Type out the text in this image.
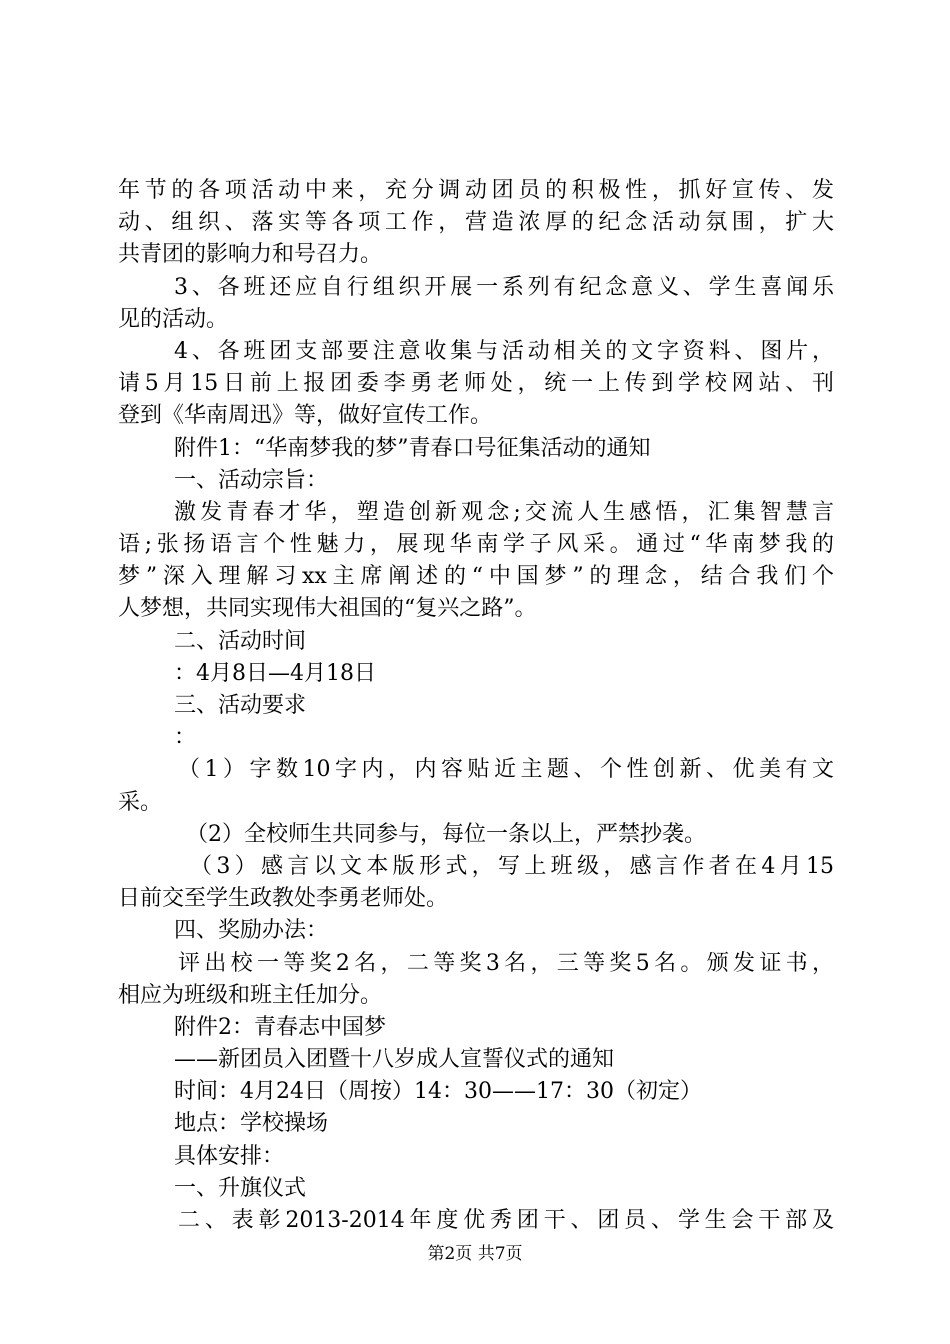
年节的各项活动中来，充分调动团员的积极性，抓好宣传、发
动、组织、落实等各项工作，营造浓厚的纪念活动氛围，扩大
共青团的影响力和号召力。
3、各班还应自行组织开展一系列有纪念意义、学生喜闻乐
见的活动。
4、各班团支部要注意收集与活动相关的文字资料、图片，
请5月15日前上报团委李勇老师处，统一上传到学校网站、刊
登到《华南周迅》等，做好宣传工作。
附件1：“华南梦我的梦”青春口号征集活动的通知
一、活动宗旨：
激发青春才华，塑造创新观念;交流人生感悟，汇集智慧言
语;张扬语言个性魅力，展现华南学子风采。通过“华南梦我的
梦”深入理解习xx主席阐述的“中国梦”的理念，结合我们个
人梦想，共同实现伟大祖国的“复兴之路”。
二、活动时间
：4月8日—4月18日
三、活动要求
：
（1）字数10字内，内容贴近主题、个性创新、优美有文
采。
（2）全校师生共同参与，每位一条以上，严禁抄袭。
（3）感言以文本版形式，写上班级，感言作者在4月15
日前交至学生政教处李勇老师处。
四、奖励办法：
评出校一等奖2名，二等奖3名，三等奖5名。颁发证书，
相应为班级和班主任加分。
附件2：青春志中国梦
——新团员入团暨十八岁成人宣誓仪式的通知
时间：4月24日（周按）14：30——17：30（初定）
地点：学校操场
具体安排：
一、升旗仪式
二、表彰2013-2014年度优秀团干、团员、学生会干部及
第2页 共7页
